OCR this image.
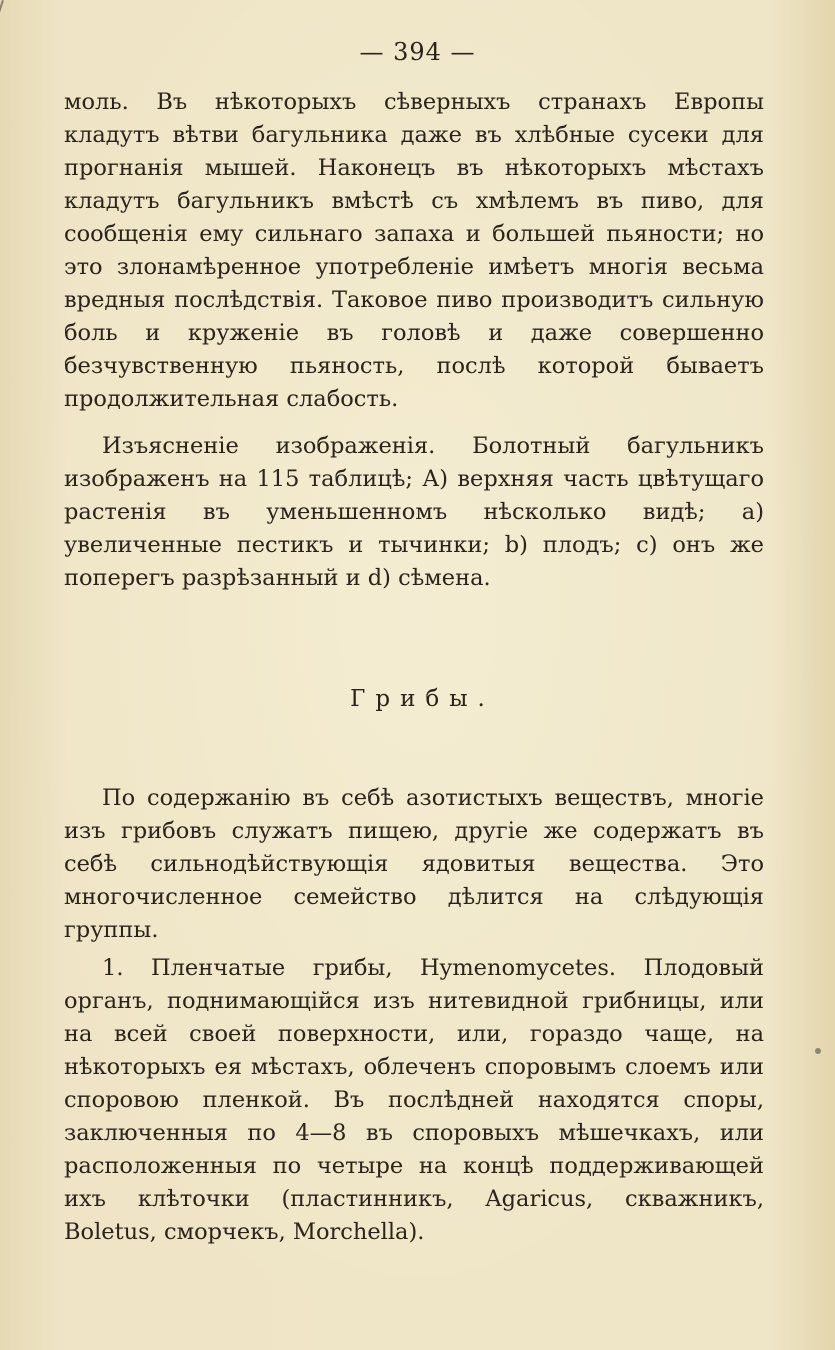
— 394 —

моль. Въ нѣкоторыхъ сѣверныхъ странахъ Европы кладутъ вѣтви багульника даже въ хлѣбные сусеки для прогнанія мышей. Наконецъ въ нѣкоторыхъ мѣстахъ кладутъ багульникъ вмѣстѣ съ хмѣлемъ въ пиво, для сообщенія ему сильнаго запаха и большей пьяности; но это злонамѣренное употребленіе имѣетъ многія весьма вредныя послѣдствія. Таковое пиво производитъ сильную боль и круженіе въ головѣ и даже совершенно безчувственную пьяность, послѣ которой бываетъ продолжительная слабость.

Изъясненіе изображенія. Болотный багульникъ изображенъ на 115 таблицѣ; А) верхняя часть цвѣтущаго растенія въ уменьшенномъ нѣсколько видѣ; a) увеличенные пестикъ и тычинки; b) плодъ; c) онъ же поперегъ разрѣзанный и d) сѣмена.

Грибы.

По содержанію въ себѣ азотистыхъ веществъ, многіе изъ грибовъ служатъ пищею, другіе же содержатъ въ себѣ сильнодѣйствующія ядовитыя вещества. Это многочисленное семейство дѣлится на слѣдующія группы.

1. Пленчатые грибы, Hymenomycetes. Плодовый органъ, поднимающійся изъ нитевидной грибницы, или на всей своей поверхности, или, гораздо чаще, на нѣкоторыхъ ея мѣстахъ, облеченъ споровымъ слоемъ или споровою пленкой. Въ послѣдней находятся споры, заключенныя по 4—8 въ споровыхъ мѣшечкахъ, или расположенныя по четыре на концѣ поддерживающей ихъ клѣточки (пластинникъ, Agaricus, скважникъ, Boletus, сморчекъ, Morchella).
